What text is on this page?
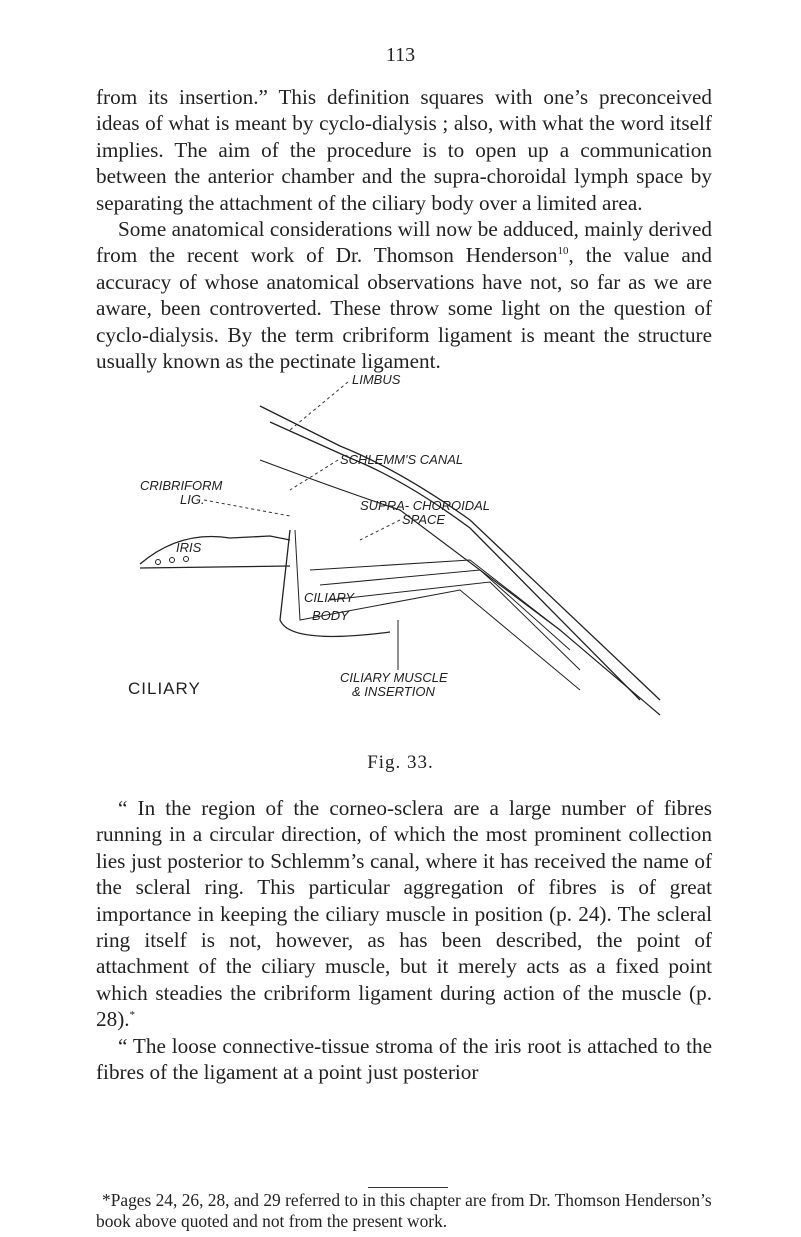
113

from its insertion.” This definition squares with one’s preconceived ideas of what is meant by cyclo-dialysis ; also, with what the word itself implies. The aim of the procedure is to open up a communication between the anterior chamber and the supra-choroidal lymph space by separating the attachment of the ciliary body over a limited area.

Some anatomical considerations will now be adduced, mainly derived from the recent work of Dr. Thomson Henderson$^{10}$, the value and accuracy of whose anatomical observations have not, so far as we are aware, been controverted. These throw some light on the question of cyclo-dialysis. By the term cribriform ligament is meant the structure usually known as the pectinate ligament.

LIMBUS
SCHLEMM'S CANAL
CRIBRIFORM
LIG.	SUPRA- CHOROIDAL
SPACE
IRIS
CILIARY
BODY
CILIARY MUSCLE
& INSERTION
CILIARY
Fig. 33.

“ In the region of the corneo-sclera are a large number of fibres running in a circular direction, of which the most prominent collection lies just posterior to Schlemm’s canal, where it has received the name of the scleral ring. This particular aggregation of fibres is of great importance in keeping the ciliary muscle in position (p. 24). The scleral ring itself is not, however, as has been described, the point of attachment of the ciliary muscle, but it merely acts as a fixed point which steadies the cribriform ligament during action of the muscle (p. 28).*

“ The loose connective-tissue stroma of the iris root is attached to the fibres of the ligament at a point just posterior

*Pages 24, 26, 28, and 29 referred to in this chapter are from Dr. Thomson Henderson’s book above quoted and not from the present work.
